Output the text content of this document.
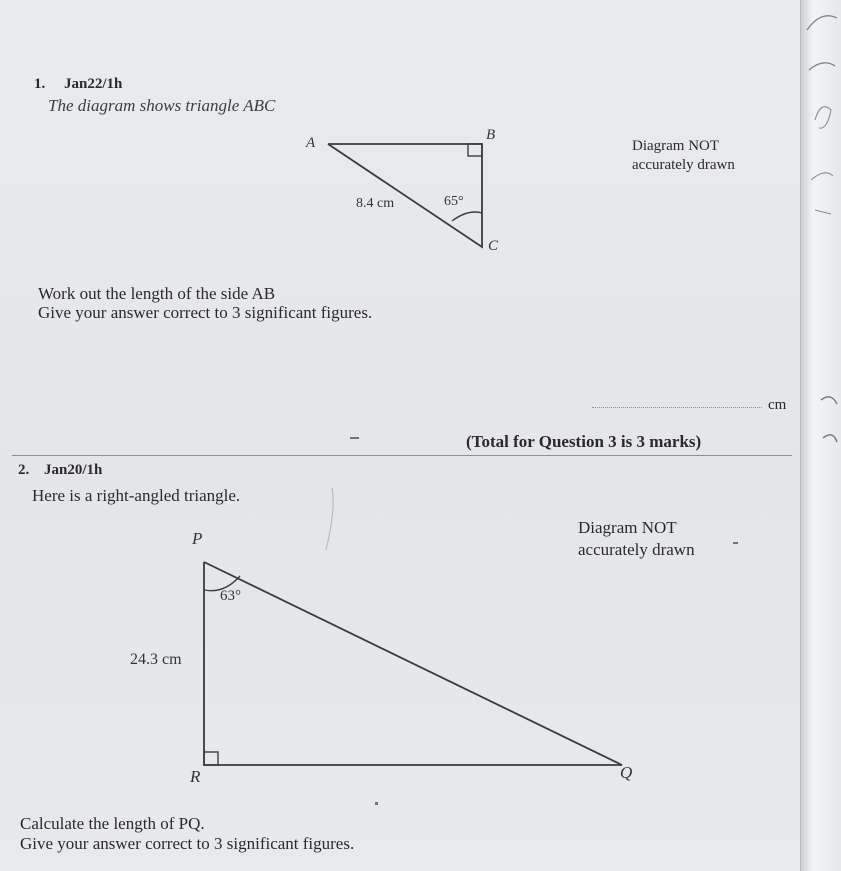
1. Jan22/1h
The diagram shows triangle ABC
A	B
C
8.4 cm	65°
Diagram NOT
accurately drawn
Work out the length of the side AB
Give your answer correct to 3 significant figures.
cm
(Total for Question 3 is 3 marks)
2. Jan20/1h
Here is a right-angled triangle.
P
R	Q
24.3 cm
63°
Diagram NOT
accurately drawn
Calculate the length of PQ.
Give your answer correct to 3 significant figures.
